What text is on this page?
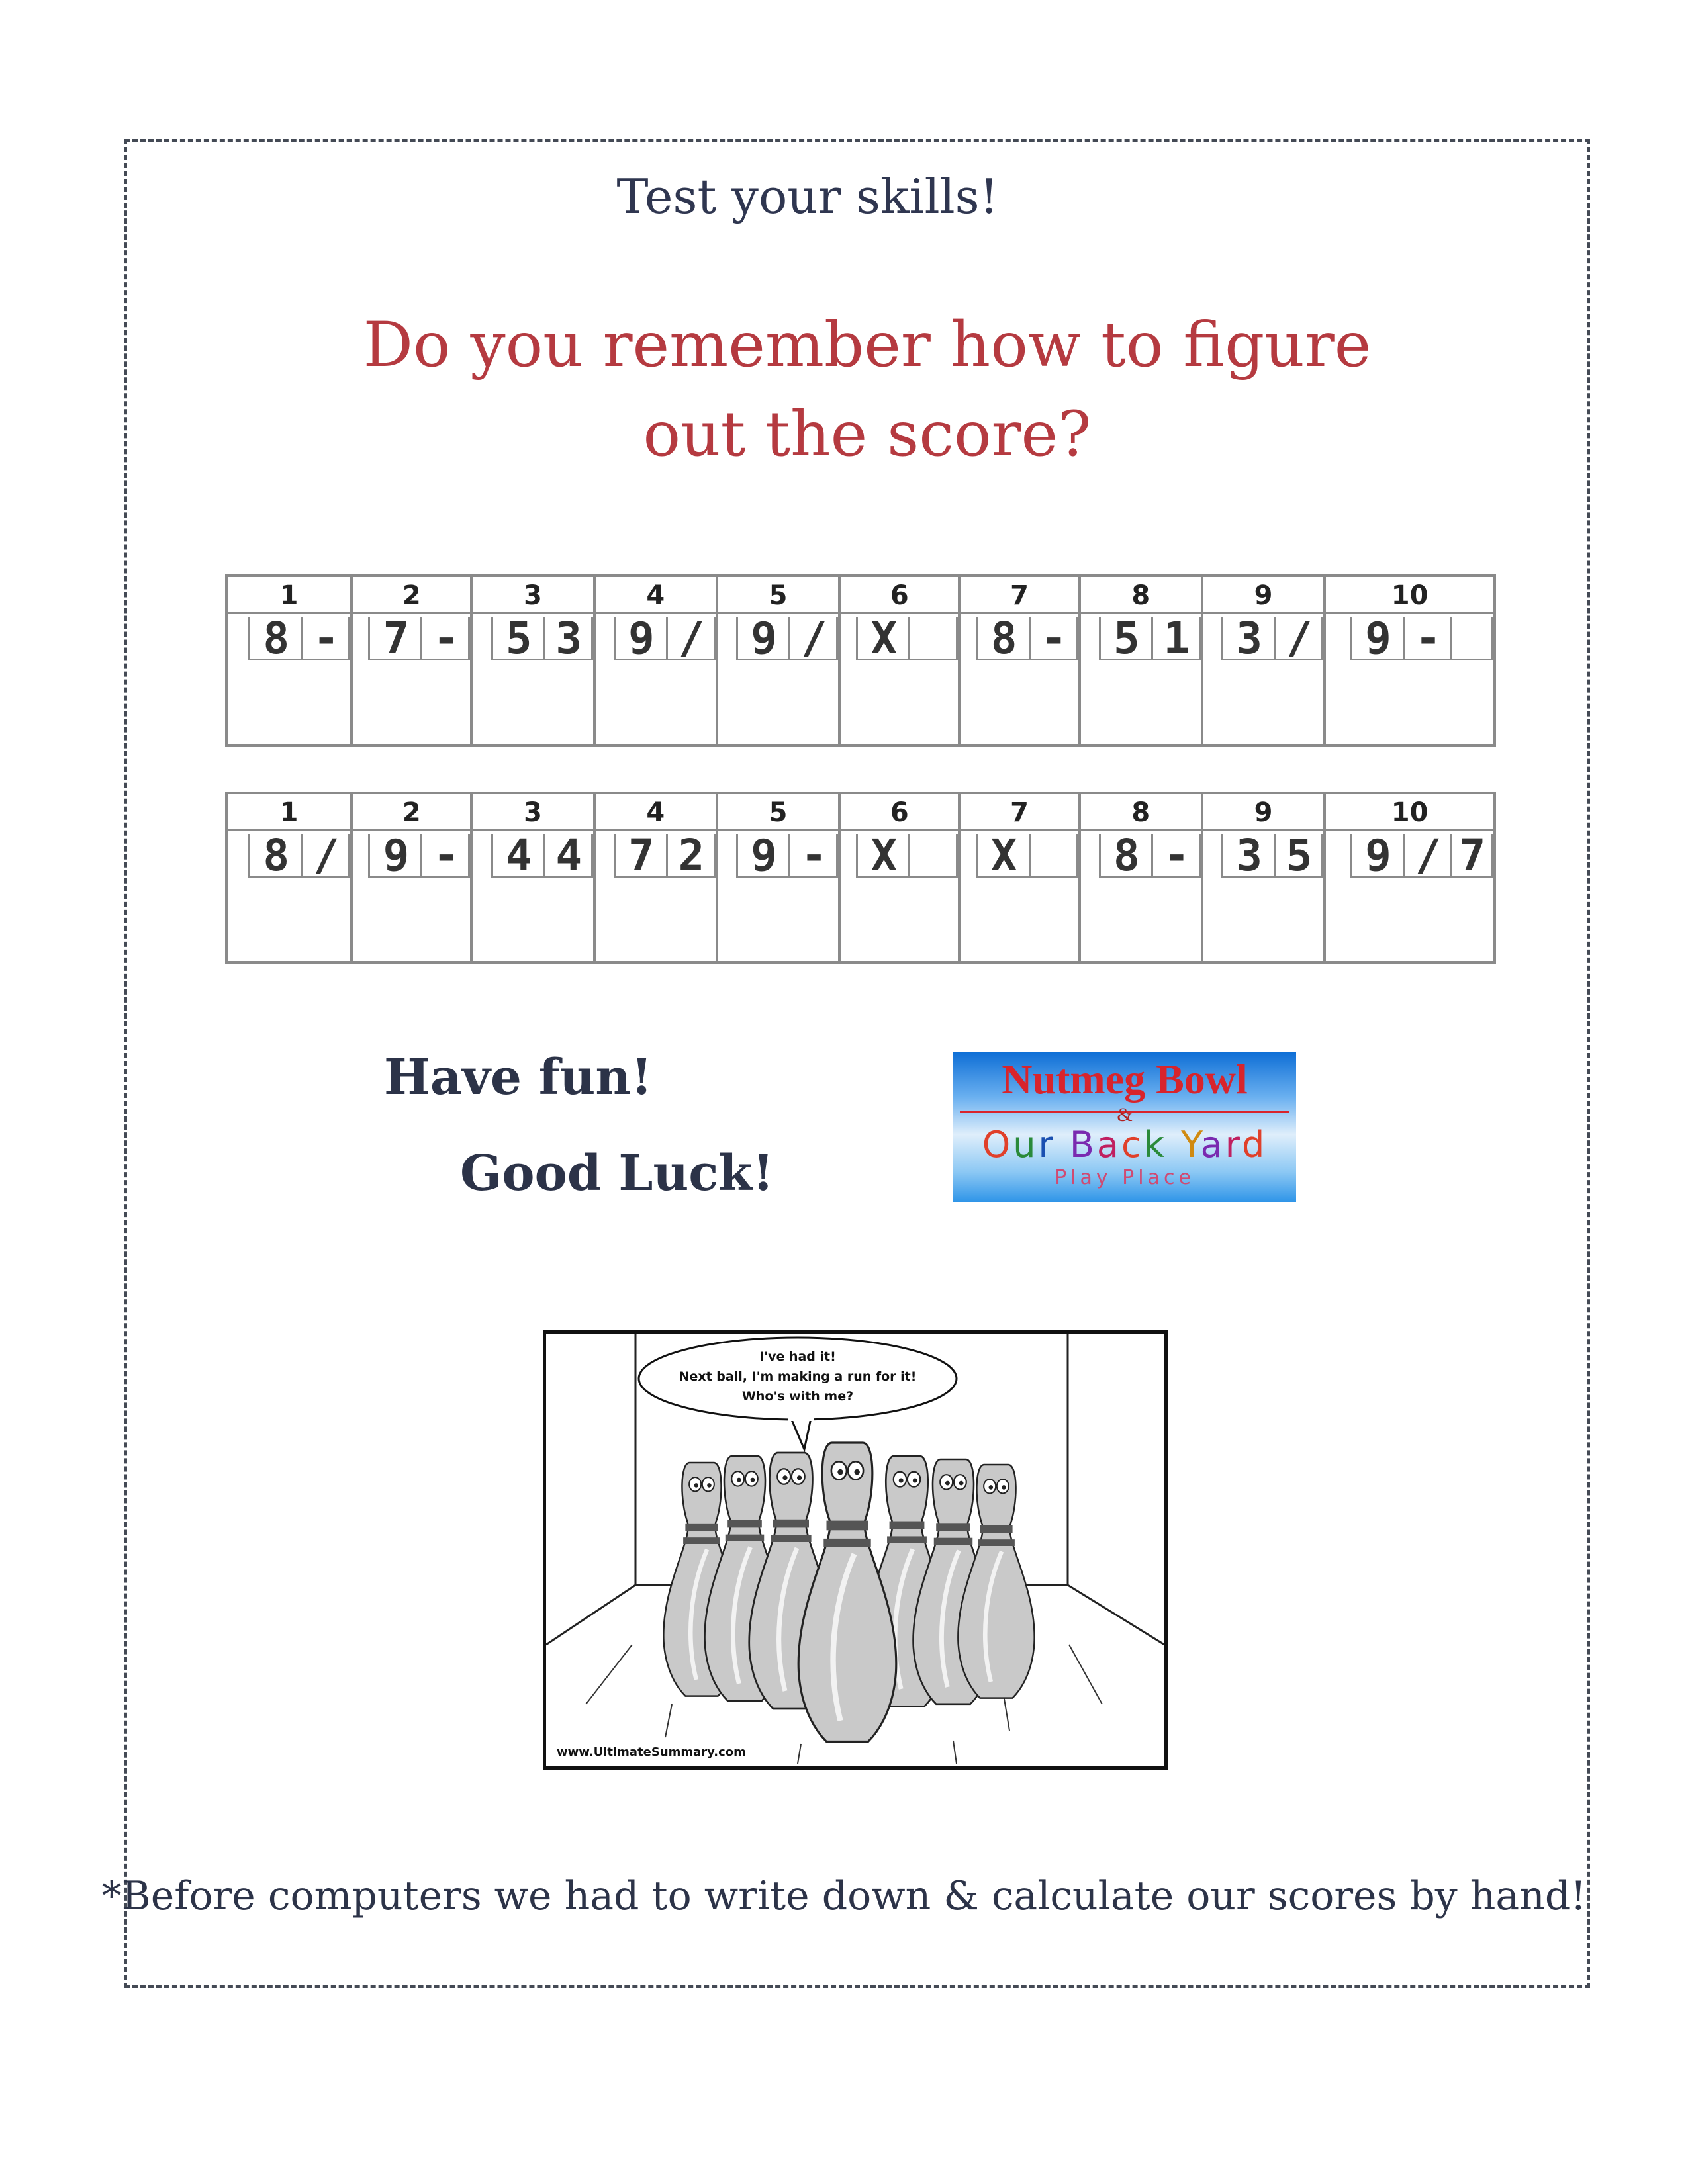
Test your skills!
Do you remember how to figure
out the score?
1
8 -
2
7 -
3
5 3
4
9 /
5
9 /
6
X
7
8 -
8
5 1
9
3 /
10
9 -
1
8 /
2
9 -
3
4 4
4
7 2
5
9 -
6
X
7
X
8
8 -
9
3 5
10
9 / 7
Have fun!
Good Luck!
Nutmeg Bowl
&
Our Back Yard
Play Place
I've had it!
Next ball, I'm making a run for it!
Who's with me?
www.UltimateSummary.com
*Before computers we had to write down & calculate our scores by hand!
